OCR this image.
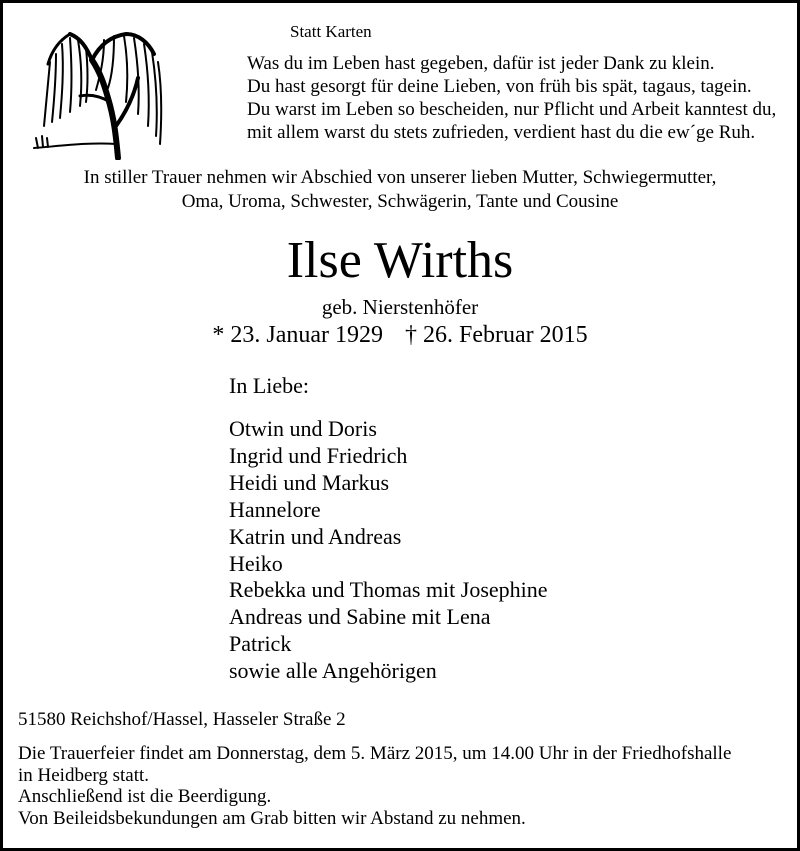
Statt Karten
Was du im Leben hast gegeben, dafür ist jeder Dank zu klein.
Du hast gesorgt für deine Lieben, von früh bis spät, tagaus, tagein.
Du warst im Leben so bescheiden, nur Pflicht und Arbeit kanntest du,
mit allem warst du stets zufrieden, verdient hast du die ew´ge Ruh.
In stiller Trauer nehmen wir Abschied von unserer lieben Mutter, Schwiegermutter,
Oma, Uroma, Schwester, Schwägerin, Tante und Cousine
Ilse Wirths
geb. Nierstenhöfer
* 23. Januar 1929 † 26. Februar 2015
In Liebe:
Otwin und Doris
Ingrid und Friedrich
Heidi und Markus
Hannelore
Katrin und Andreas
Heiko
Rebekka und Thomas mit Josephine
Andreas und Sabine mit Lena
Patrick
sowie alle Angehörigen
51580 Reichshof/Hassel, Hasseler Straße 2
Die Trauerfeier findet am Donnerstag, dem 5. März 2015, um 14.00 Uhr in der Friedhofshalle
in Heidberg statt.
Anschließend ist die Beerdigung.
Von Beileidsbekundungen am Grab bitten wir Abstand zu nehmen.
